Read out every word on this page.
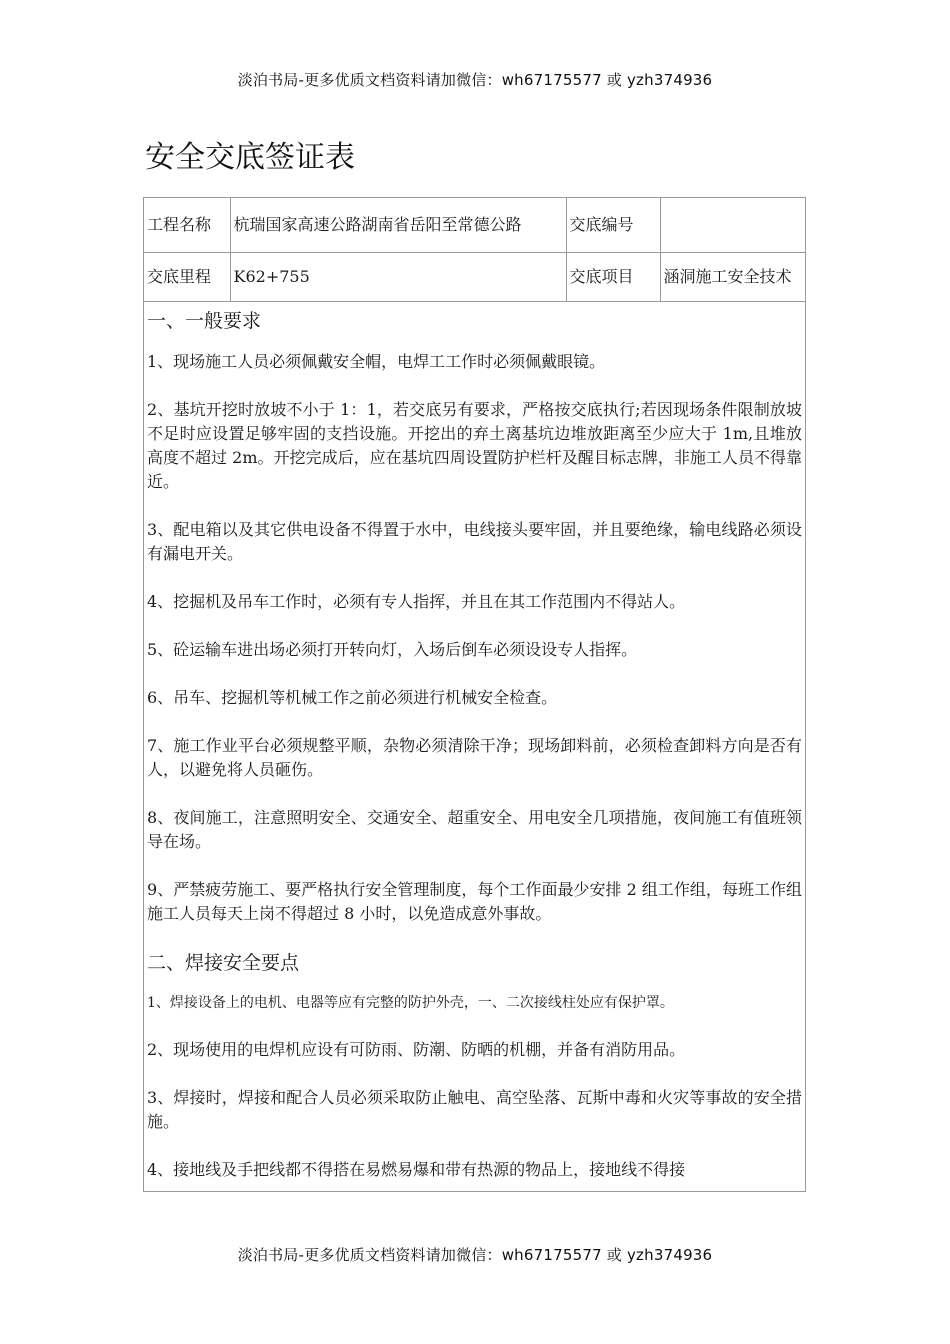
淡泊书局-更多优质文档资料请加微信：wh67175577 或 yzh374936
安全交底签证表
工程名称	杭瑞国家高速公路湖南省岳阳至常德公路	交底编号	
交底里程	K62+755	交底项目	涵洞施工安全技术
一、一般要求

1、现场施工人员必须佩戴安全帽，电焊工工作时必须佩戴眼镜。

2、基坑开挖时放坡不小于 1：1，若交底另有要求，严格按交底执行;若因现场条件限制放坡不足时应设置足够牢固的支挡设施。开挖出的弃土离基坑边堆放距离至少应大于 1m,且堆放高度不超过 2m。开挖完成后，应在基坑四周设置防护栏杆及醒目标志牌，非施工人员不得靠近。

3、配电箱以及其它供电设备不得置于水中，电线接头要牢固，并且要绝缘，输电线路必须设有漏电开关。

4、挖掘机及吊车工作时，必须有专人指挥，并且在其工作范围内不得站人。

5、砼运输车进出场必须打开转向灯，入场后倒车必须设设专人指挥。

6、吊车、挖掘机等机械工作之前必须进行机械安全检查。

7、施工作业平台必须规整平顺，杂物必须清除干净；现场卸料前，必须检查卸料方向是否有人，以避免将人员砸伤。

8、夜间施工，注意照明安全、交通安全、超重安全、用电安全几项措施，夜间施工有值班领导在场。

9、严禁疲劳施工、要严格执行安全管理制度，每个工作面最少安排 2 组工作组，每班工作组施工人员每天上岗不得超过 8 小时，以免造成意外事故。

二、焊接安全要点

1、焊接设备上的电机、电器等应有完整的防护外壳，一、二次接线柱处应有保护罩。

2、现场使用的电焊机应设有可防雨、防潮、防晒的机棚，并备有消防用品。

3、焊接时，焊接和配合人员必须采取防止触电、高空坠落、瓦斯中毒和火灾等事故的安全措施。

4、接地线及手把线都不得搭在易燃易爆和带有热源的物品上，接地线不得接

淡泊书局-更多优质文档资料请加微信：wh67175577 或 yzh374936
